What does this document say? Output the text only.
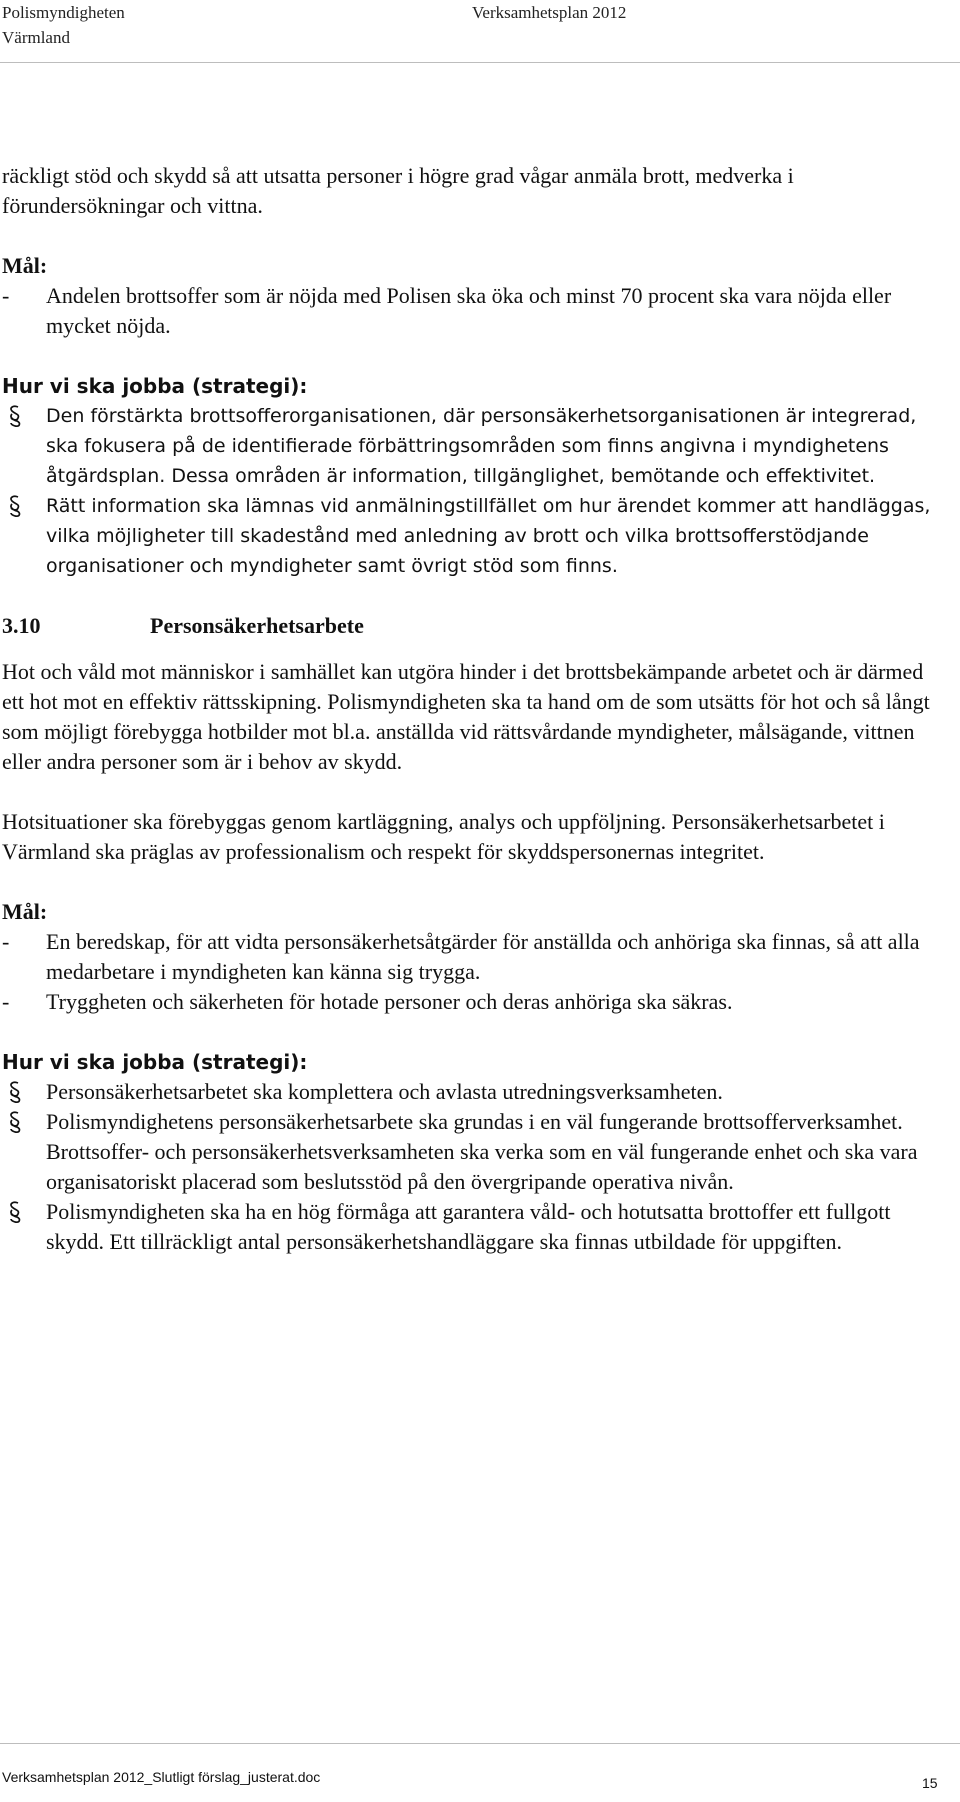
Polismyndigheten
Värmland
Verksamhetsplan 2012
räckligt stöd och skydd så att utsatta personer i högre grad vågar anmäla brott, medverka i förundersökningar och vittna.
Mål:
- Andelen brottsoffer som är nöjda med Polisen ska öka och minst 70 procent ska vara nöjda eller mycket nöjda.
Hur vi ska jobba (strategi):
Den förstärkta brottsofferorganisationen, där personsäkerhetsorganisationen är integrerad, ska fokusera på de identifierade förbättringsområden som finns angivna i myndighetens åtgärdsplan. Dessa områden är information, tillgänglighet, bemötande och effektivitet.
Rätt information ska lämnas vid anmälningstillfället om hur ärendet kommer att handläggas, vilka möjligheter till skadestånd med anledning av brott och vilka brottsofferstödjande organisationer och myndigheter samt övrigt stöd som finns.
3.10	Personsäkerhetsarbete
Hot och våld mot människor i samhället kan utgöra hinder i det brottsbekämpande arbetet och är därmed ett hot mot en effektiv rättsskipning. Polismyndigheten ska ta hand om de som utsätts för hot och så långt som möjligt förebygga hotbilder mot bl.a. anställda vid rättsvårdande myndigheter, målsägande, vittnen eller andra personer som är i behov av skydd.
Hotsituationer ska förebyggas genom kartläggning, analys och uppföljning. Personsäkerhetsarbetet i Värmland ska präglas av professionalism och respekt för skyddspersonernas integritet.
Mål:
- En beredskap, för att vidta personsäkerhetsåtgärder för anställda och anhöriga ska finnas, så att alla medarbetare i myndigheten kan känna sig trygga.
- Tryggheten och säkerheten för hotade personer och deras anhöriga ska säkras.
Hur vi ska jobba (strategi):
Personsäkerhetsarbetet ska komplettera och avlasta utredningsverksamheten.
Polismyndighetens personsäkerhetsarbete ska grundas i en väl fungerande brottsofferverksamhet. Brottsoffer- och personsäkerhetsverksamheten ska verka som en väl fungerande enhet och ska vara organisatoriskt placerad som beslutsstöd på den övergripande operativa nivån.
Polismyndigheten ska ha en hög förmåga att garantera våld- och hotutsatta brottoffer ett fullgott skydd. Ett tillräckligt antal personsäkerhetshandläggare ska finnas utbildade för uppgiften.
Verksamhetsplan 2012_Slutligt förslag_justerat.doc	15
